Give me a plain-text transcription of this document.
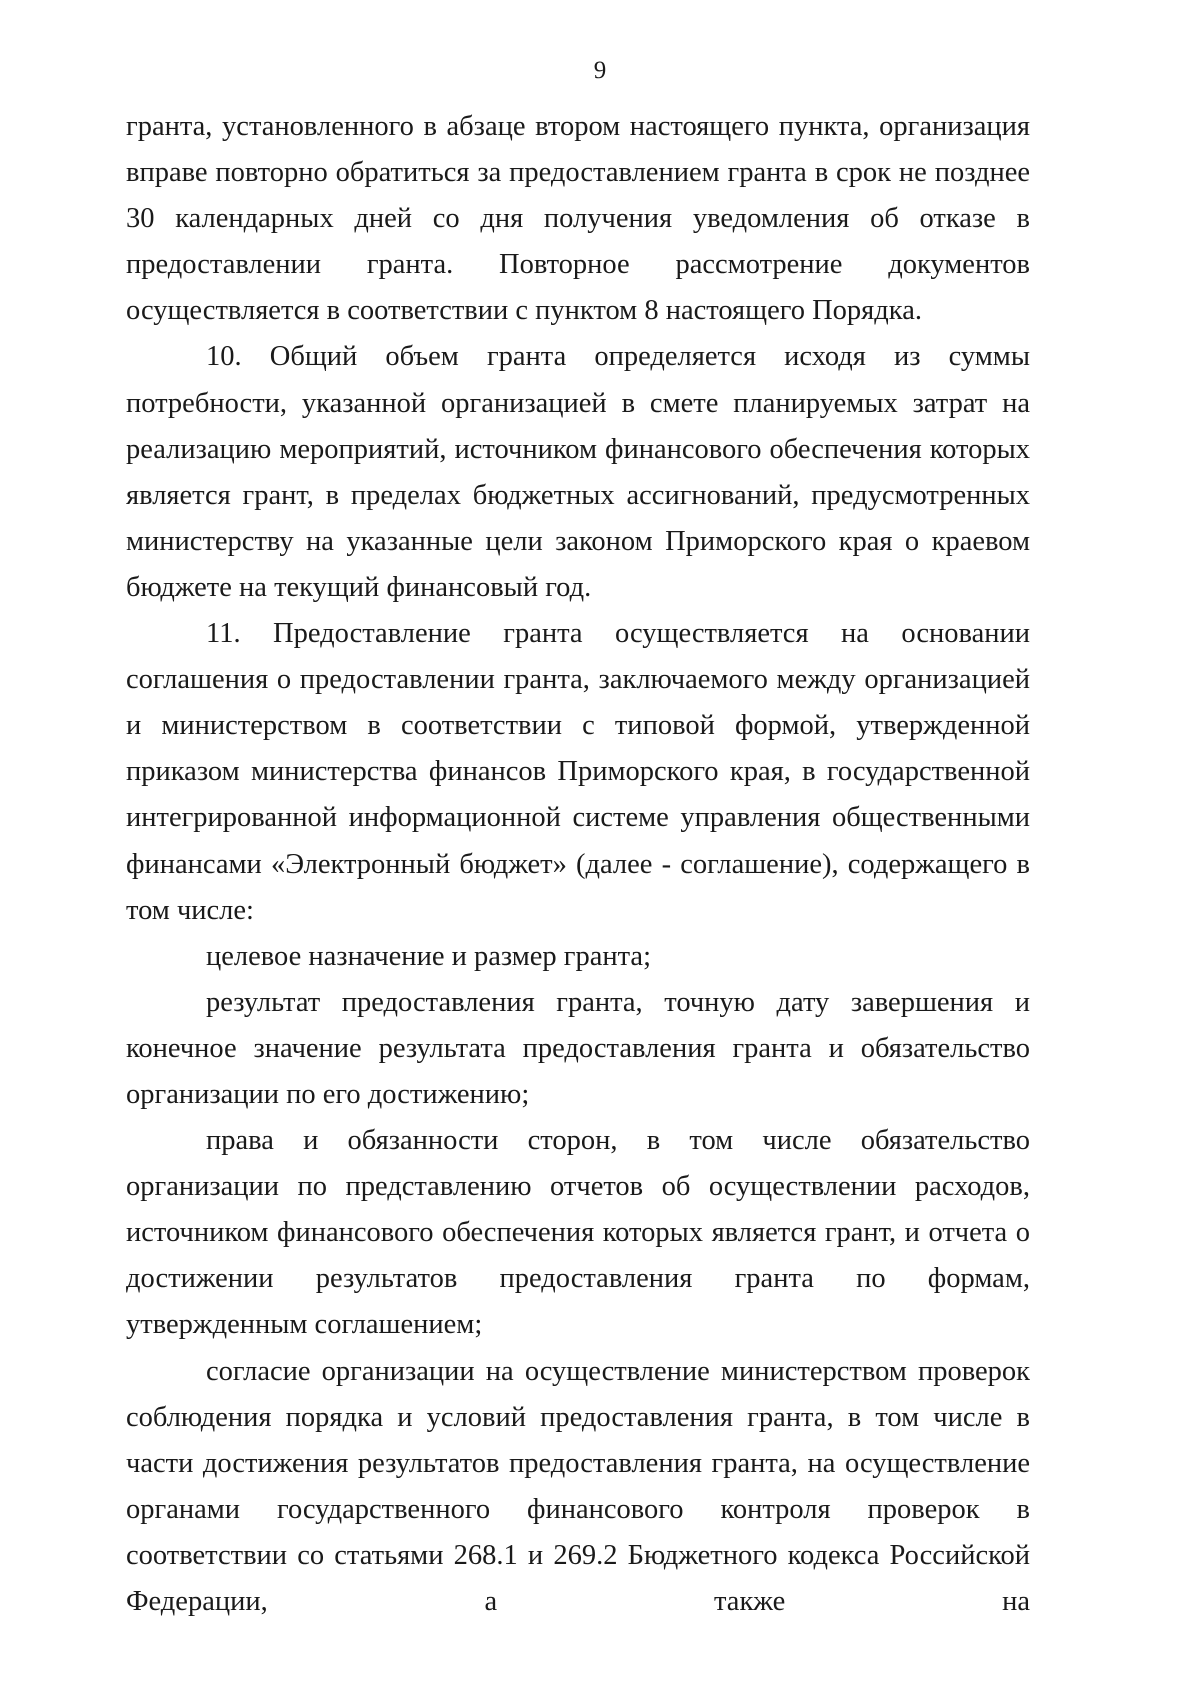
9

гранта, установленного в абзаце втором настоящего пункта, организация вправе повторно обратиться за предоставлением гранта в срок не позднее 30 календарных дней со дня получения уведомления об отказе в предоставлении гранта. Повторное рассмотрение документов осуществляется в соответствии с пунктом 8 настоящего Порядка.

10. Общий объем гранта определяется исходя из суммы потребности, указанной организацией в смете планируемых затрат на реализацию мероприятий, источником финансового обеспечения которых является грант, в пределах бюджетных ассигнований, предусмотренных министерству на указанные цели законом Приморского края о краевом бюджете на текущий финансовый год.

11. Предоставление гранта осуществляется на основании соглашения о предоставлении гранта, заключаемого между организацией и министерством в соответствии с типовой формой, утвержденной приказом министерства финансов Приморского края, в государственной интегрированной информационной системе управления общественными финансами «Электронный бюджет» (далее - соглашение), содержащего в том числе:

целевое назначение и размер гранта;

результат предоставления гранта, точную дату завершения и конечное значение результата предоставления гранта и обязательство организации по его достижению;

права и обязанности сторон, в том числе обязательство организации по представлению отчетов об осуществлении расходов, источником финансового обеспечения которых является грант, и отчета о достижении результатов предоставления гранта по формам, утвержденным соглашением;

согласие организации на осуществление министерством проверок соблюдения порядка и условий предоставления гранта, в том числе в части достижения результатов предоставления гранта, на осуществление органами государственного финансового контроля проверок в соответствии со статьями 268.1 и 269.2 Бюджетного кодекса Российской Федерации, а также на
